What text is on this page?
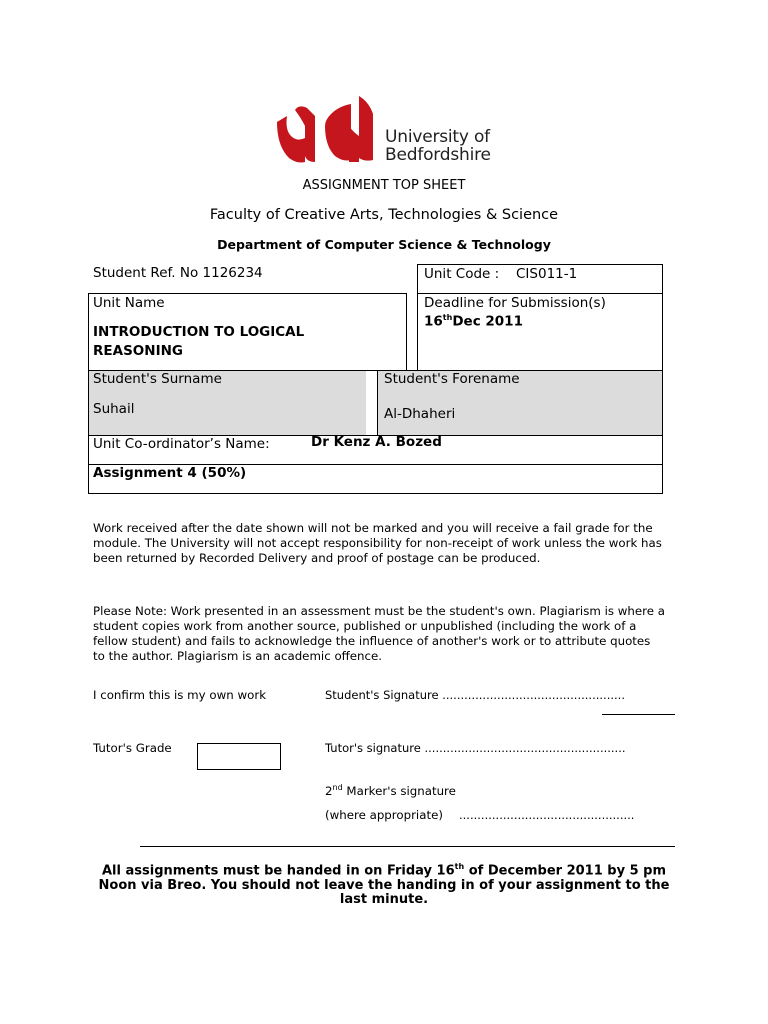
University of
Bedfordshire
ASSIGNMENT TOP SHEET
Faculty of Creative Arts, Technologies & Science
Department of Computer Science & Technology
Student Ref. No 1126234	Unit Code : CIS011-1
Unit Name
INTRODUCTION TO LOGICAL REASONING
Deadline for Submission(s)
16thDec 2011
Student's Surname
Suhail
Student's Forename
Al-Dhaheri
Unit Co-ordinator’s Name:	Dr Kenz A. Bozed
Assignment 4 (50%)
Work received after the date shown will not be marked and you will receive a fail grade for the module. The University will not accept responsibility for non-receipt of work unless the work has been returned by Recorded Delivery and proof of postage can be produced.
Please Note: Work presented in an assessment must be the student's own. Plagiarism is where a student copies work from another source, published or unpublished (including the work of a fellow student) and fails to acknowledge the influence of another's work or to attribute quotes to the author. Plagiarism is an academic offence.
I confirm this is my own work	Student's Signature ..................................................
Tutor's Grade	Tutor's signature .......................................................
2nd Marker's signature
(where appropriate) ................................................
All assignments must be handed in on Friday 16th of December 2011 by 5 pm
Noon via Breo. You should not leave the handing in of your assignment to the
last minute.
